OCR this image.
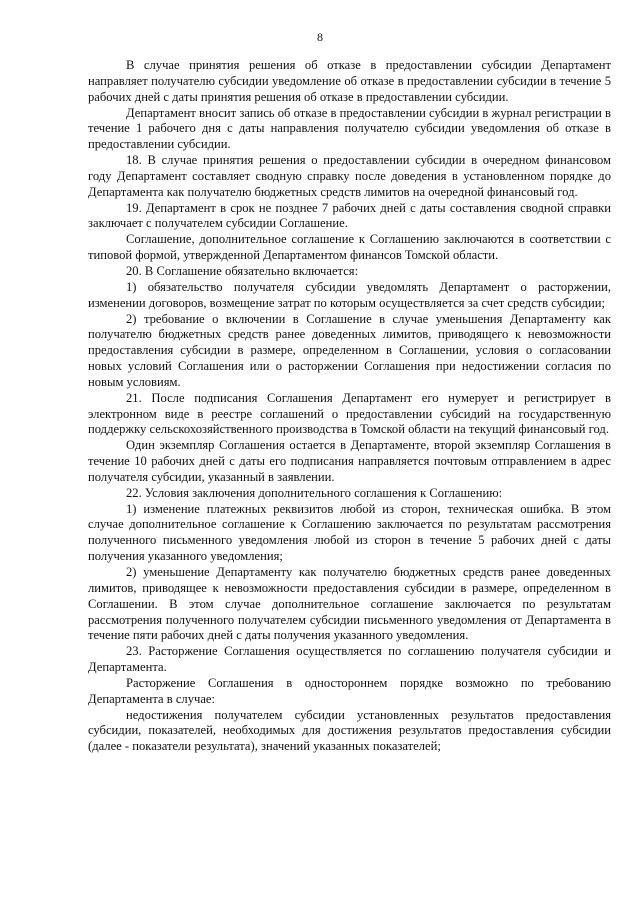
8

В случае принятия решения об отказе в предоставлении субсидии Департамент направляет получателю субсидии уведомление об отказе в предоставлении субсидии в течение 5 рабочих дней с даты принятия решения об отказе в предоставлении субсидии.

Департамент вносит запись об отказе в предоставлении субсидии в журнал регистрации в течение 1 рабочего дня с даты направления получателю субсидии уведомления об отказе в предоставлении субсидии.

18. В случае принятия решения о предоставлении субсидии в очередном финансовом году Департамент составляет сводную справку после доведения в установленном порядке до Департамента как получателю бюджетных средств лимитов на очередной финансовый год.

19. Департамент в срок не позднее 7 рабочих дней с даты составления сводной справки заключает с получателем субсидии Соглашение.

Соглашение, дополнительное соглашение к Соглашению заключаются в соответствии с типовой формой, утвержденной Департаментом финансов Томской области.

20. В Соглашение обязательно включается:

1) обязательство получателя субсидии уведомлять Департамент о расторжении, изменении договоров, возмещение затрат по которым осуществляется за счет средств субсидии;

2) требование о включении в Соглашение в случае уменьшения Департаменту как получателю бюджетных средств ранее доведенных лимитов, приводящего к невозможности предоставления субсидии в размере, определенном в Соглашении, условия о согласовании новых условий Соглашения или о расторжении Соглашения при недостижении согласия по новым условиям.

21. После подписания Соглашения Департамент его нумерует и регистрирует в электронном виде в реестре соглашений о предоставлении субсидий на государственную поддержку сельскохозяйственного производства в Томской области на текущий финансовый год.

Один экземпляр Соглашения остается в Департаменте, второй экземпляр Соглашения в течение 10 рабочих дней с даты его подписания направляется почтовым отправлением в адрес получателя субсидии, указанный в заявлении.

22. Условия заключения дополнительного соглашения к Соглашению:

1) изменение платежных реквизитов любой из сторон, техническая ошибка. В этом случае дополнительное соглашение к Соглашению заключается по результатам рассмотрения полученного письменного уведомления любой из сторон в течение 5 рабочих дней с даты получения указанного уведомления;

2) уменьшение Департаменту как получателю бюджетных средств ранее доведенных лимитов, приводящее к невозможности предоставления субсидии в размере, определенном в Соглашении. В этом случае дополнительное соглашение заключается по результатам рассмотрения полученного получателем субсидии письменного уведомления от Департамента в течение пяти рабочих дней с даты получения указанного уведомления.

23. Расторжение Соглашения осуществляется по соглашению получателя субсидии и Департамента.

Расторжение Соглашения в одностороннем порядке возможно по требованию Департамента в случае:

недостижения получателем субсидии установленных результатов предоставления субсидии, показателей, необходимых для достижения результатов предоставления субсидии (далее - показатели результата), значений указанных показателей;
